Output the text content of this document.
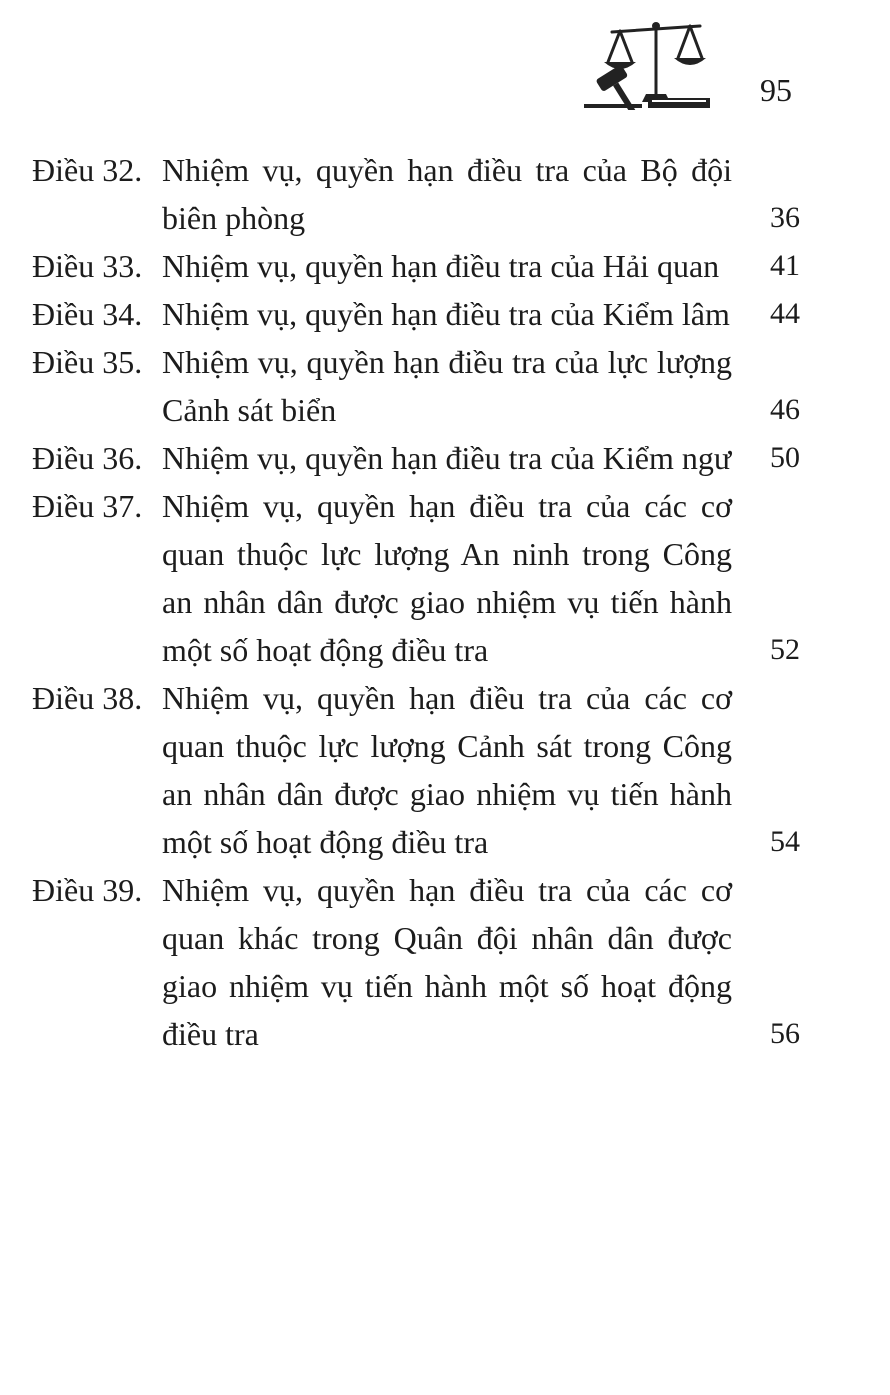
95
Điều 32. Nhiệm vụ, quyền hạn điều tra của Bộ đội biên phòng	36
Điều 33. Nhiệm vụ, quyền hạn điều tra của Hải quan	41
Điều 34. Nhiệm vụ, quyền hạn điều tra của Kiểm lâm 44
Điều 35. Nhiệm vụ, quyền hạn điều tra của lực lượng Cảnh sát biển	46
Điều 36. Nhiệm vụ, quyền hạn điều tra của Kiểm ngư 50
Điều 37. Nhiệm vụ, quyền hạn điều tra của các cơ quan thuộc lực lượng An ninh trong Công an nhân dân được giao nhiệm vụ tiến hành một số hoạt động điều tra	52
Điều 38. Nhiệm vụ, quyền hạn điều tra của các cơ quan thuộc lực lượng Cảnh sát trong Công an nhân dân được giao nhiệm vụ tiến hành một số hoạt động điều tra	54
Điều 39. Nhiệm vụ, quyền hạn điều tra của các cơ quan khác trong Quân đội nhân dân được giao nhiệm vụ tiến hành một số hoạt động điều tra	56
